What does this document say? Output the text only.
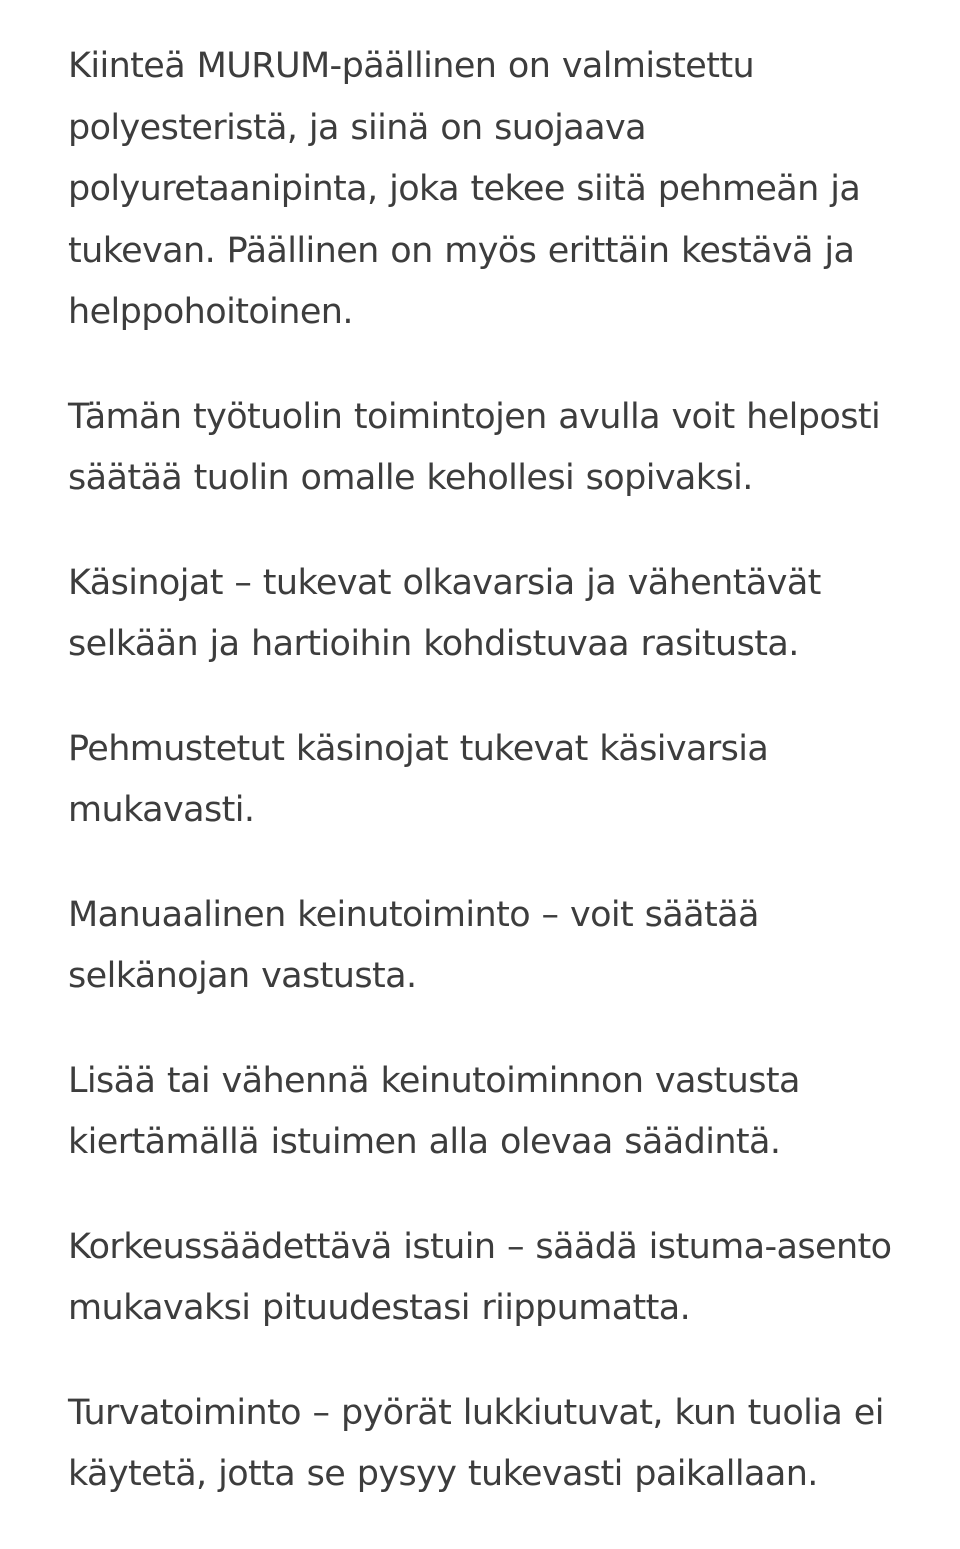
Kiinteä MURUM-päällinen on valmistettu
polyesteristä, ja siinä on suojaava
polyuretaanipinta, joka tekee siitä pehmeän ja
tukevan. Päällinen on myös erittäin kestävä ja
helppohoitoinen.

Tämän työtuolin toimintojen avulla voit helposti
säätää tuolin omalle kehollesi sopivaksi.

Käsinojat – tukevat olkavarsia ja vähentävät
selkään ja hartioihin kohdistuvaa rasitusta.

Pehmustetut käsinojat tukevat käsivarsia
mukavasti.

Manuaalinen keinutoiminto – voit säätää
selkänojan vastusta.

Lisää tai vähennä keinutoiminnon vastusta
kiertämällä istuimen alla olevaa säädintä.

Korkeussäädettävä istuin – säädä istuma-asento
mukavaksi pituudestasi riippumatta.

Turvatoiminto – pyörät lukkiutuvat, kun tuolia ei
käytetä, jotta se pysyy tukevasti paikallaan.
